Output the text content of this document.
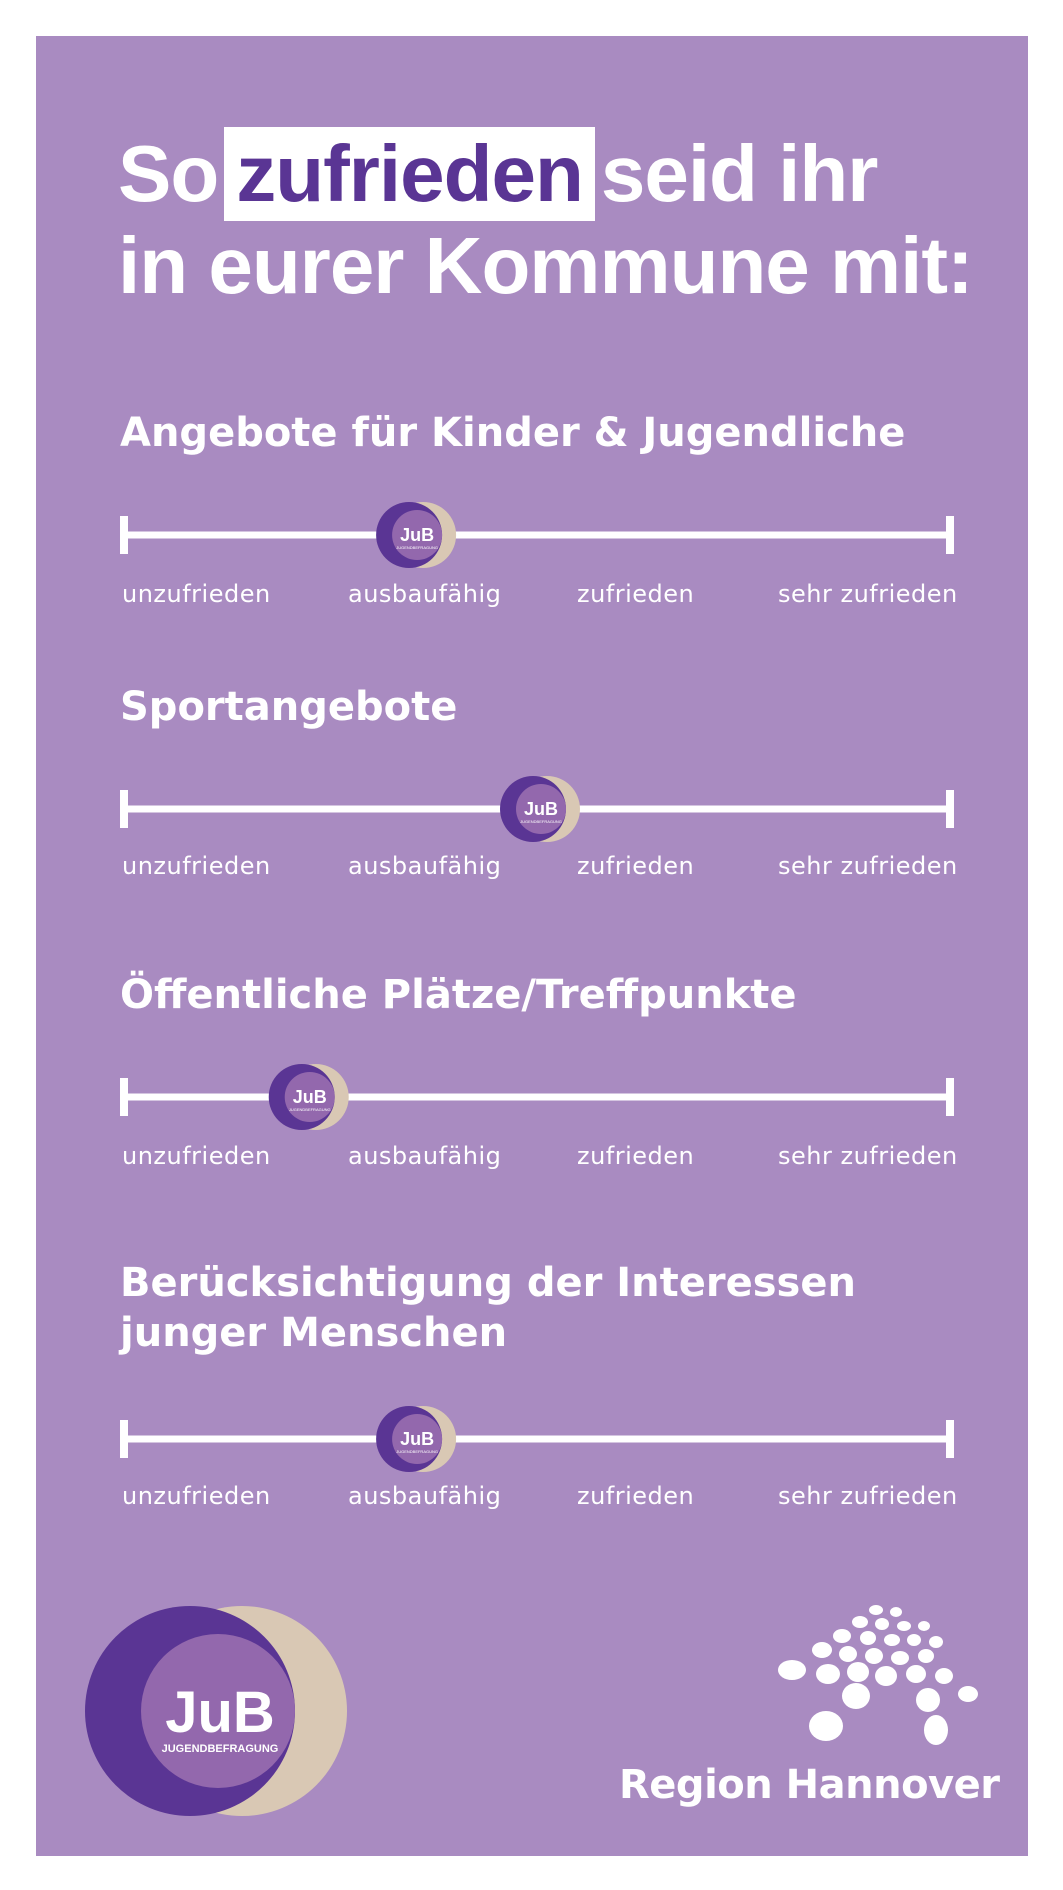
So zufrieden seid ihr
in eurer Kommune mit:
Angebote für Kinder & Jugendliche
JuB
JUGENDBEFRAGUNG
unzufrieden	ausbaufähig	zufrieden	sehr zufrieden
Sportangebote
JuB
JUGENDBEFRAGUNG
unzufrieden	ausbaufähig	zufrieden	sehr zufrieden
Öffentliche Plätze/Treffpunkte
JuB
JUGENDBEFRAGUNG
unzufrieden	ausbaufähig	zufrieden	sehr zufrieden
Berücksichtigung der Interessen
junger Menschen
JuB
JUGENDBEFRAGUNG
unzufrieden	ausbaufähig	zufrieden	sehr zufrieden
JuB
JUGENDBEFRAGUNG
Region Hannover
